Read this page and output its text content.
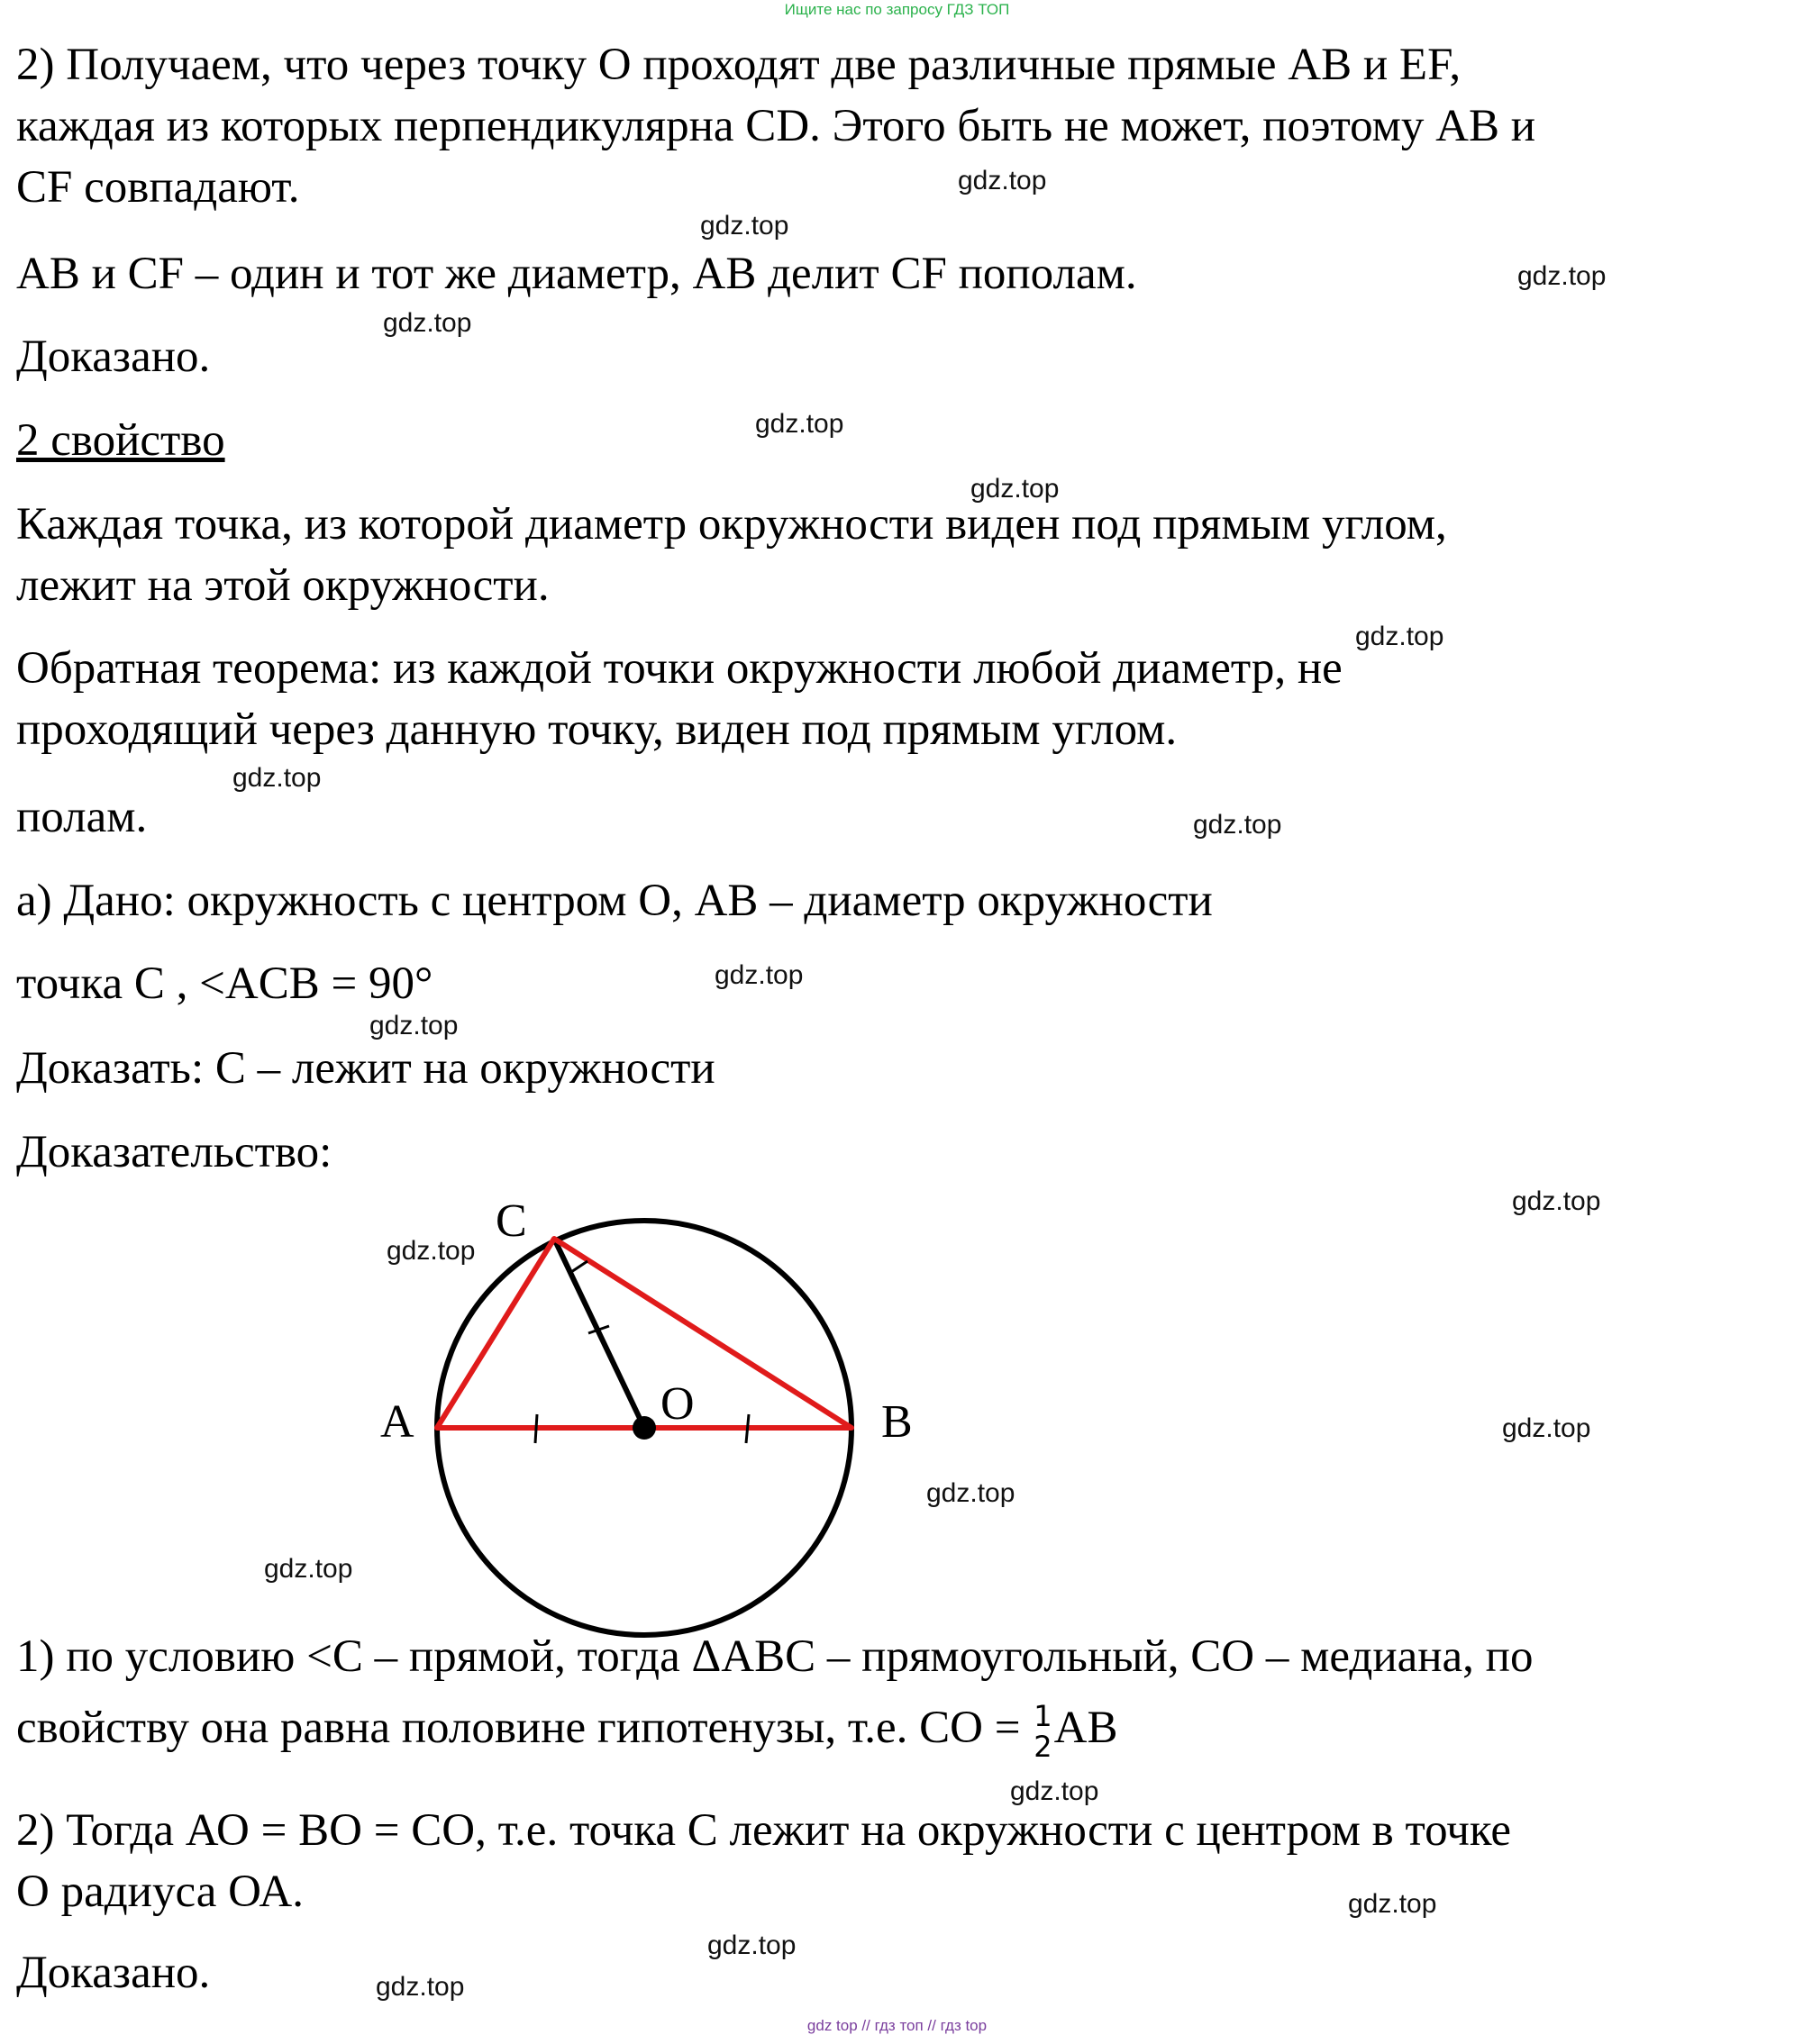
Ищите нас по запросу ГДЗ ТОП
2) Получаем, что через точку О проходят две различные прямые АВ и EF,
каждая из которых перпендикулярна CD. Этого быть не может, поэтому АВ и
CF совпадают.
АВ и CF – один и тот же диаметр, АВ делит CF пополам.
Доказано.
2 свойство
Каждая точка, из которой диаметр окружности виден под прямым углом,
лежит на этой окружности.
Обратная теорема: из каждой точки окружности любой диаметр, не
проходящий через данную точку, виден под прямым углом.
полам.
а) Дано: окружность с центром О, АВ – диаметр окружности
точка С , <ACB = 90°
Доказать: С – лежит на окружности
Доказательство:
A	B
C
O
1) по условию <С – прямой, тогда ΔАВС – прямоугольный, СО – медиана, по
свойству она равна половине гипотенузы, т.е. СО = 1
2 АВ
2) Тогда АО = ВО = СО, т.е. точка С лежит на окружности с центром в точке
О радиуса ОА.
Доказано.
gdz.top
gdz.top
gdz.top
gdz.top
gdz.top
gdz.top
gdz.top
gdz.top
gdz.top
gdz.top
gdz.top
gdz.top
gdz.top
gdz.top
gdz.top
gdz.top
gdz.top
gdz.top
gdz.top
gdz.top
gdz top // гдз топ // гдз top
